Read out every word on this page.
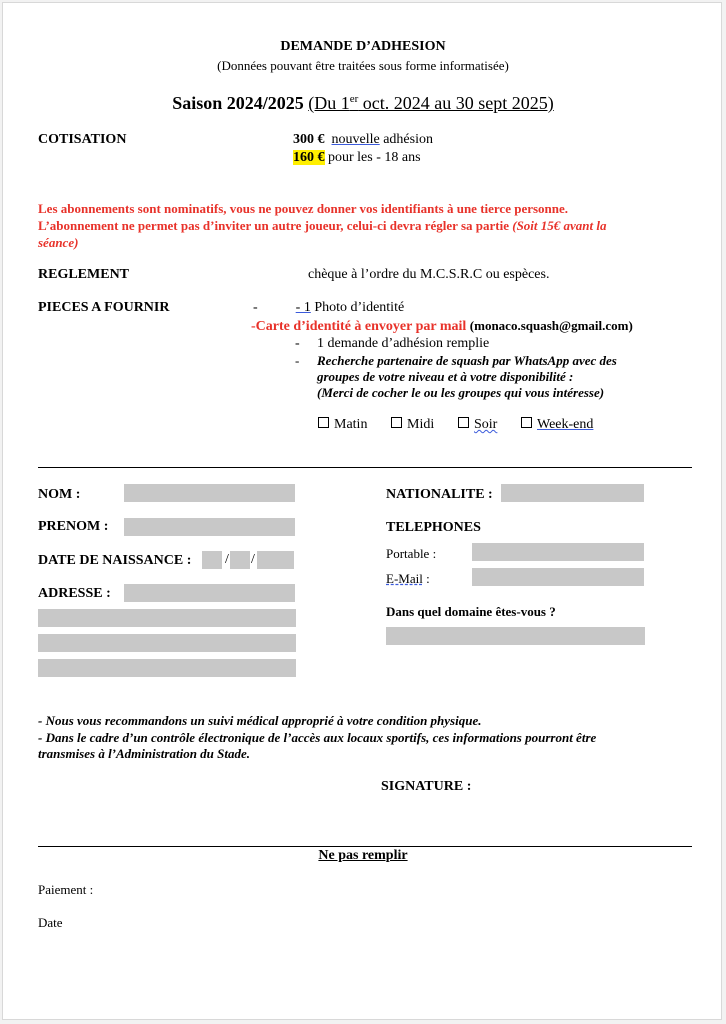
DEMANDE D’ADHESION
(Données pouvant être traitées sous forme informatisée)
Saison 2024/2025 (Du 1er oct. 2024 au 30 sept 2025)
COTISATION	300 € nouvelle adhésion
160 € pour les - 18 ans
Les abonnements sont nominatifs, vous ne pouvez donner vos identifiants à une tierce personne.
L’abonnement ne permet pas d’inviter un autre joueur, celui-ci devra régler sa partie (Soit 15€ avant la
séance)
REGLEMENT	chèque à l’ordre du M.C.S.R.C ou espèces.
PIECES A FOURNIR	-	- 1 Photo d’identité
-Carte d’identité à envoyer par mail (monaco.squash@gmail.com)
- 1 demande d’adhésion remplie
- Recherche partenaire de squash par WhatsApp avec des
groupes de votre niveau et à votre disponibilité :
(Merci de cocher le ou les groupes qui vous intéresse)
Matin	Midi	Soir	Week-end
NOM :
PRENOM :
DATE DE NAISSANCE : / /
ADRESSE :
NATIONALITE :
TELEPHONES
Portable :
E-Mail :
Dans quel domaine êtes-vous ?
- Nous vous recommandons un suivi médical approprié à votre condition physique.
- Dans le cadre d’un contrôle électronique de l’accès aux locaux sportifs, ces informations pourront être
transmises à l’Administration du Stade.
SIGNATURE :
Ne pas remplir
Paiement :
Date
